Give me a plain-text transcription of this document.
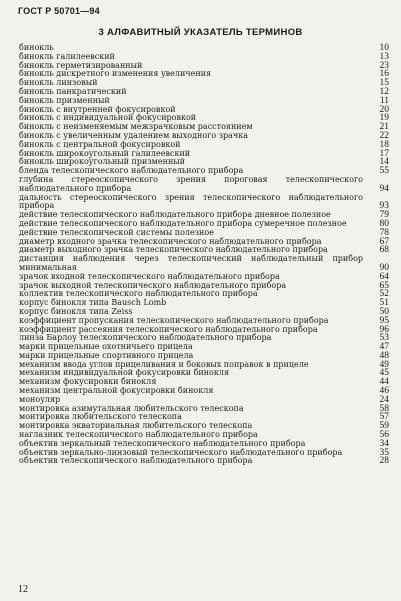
ГОСТ Р 50701—94
3 АЛФАВИТНЫЙ УКАЗАТЕЛЬ ТЕРМИНОВ
бинокль	10
бинокль галилеевский	13
бинокль герметизированный	23
бинокль дискретного изменения увеличения	16
бинокль линзовый	15
бинокль панкратический	12
бинокль призменный	11
бинокль с внутренней фокусировкой	20
бинокль с индивидуальной фокусировкой	19
бинокль с неизменяемым межзрачковым расстоянием	21
бинокль с увеличенным удалением выходного зрачка	22
бинокль с центральной фокусировкой	18
бинокль широкоугольный галилеевский	17
бинокль широкоугольный призменный	14
бленда телескопического наблюдательного прибора	55
глубина стереоскопического зрения пороговая телескопического наблюдательного прибора	94
дальность стереоскопического зрения телескопического наблюдательного прибора	93
действие телескопического наблюдательного прибора дневное полезное	79
действие телескопического наблюдательного прибора сумеречное полезное	80
действие телескопической системы полезное	78
диаметр входного зрачка телескопического наблюдательного прибора	67
диаметр выходного зрачка телескопического наблюдательного прибора	68
дистанция наблюдения через телескопический наблюдательный прибор минимальная	90
зрачок входной телескопического наблюдательного прибора	64
зрачок выходной телескопического наблюдательного прибора	65
коллектив телескопического наблюдательного прибора	52
корпус бинокля типа Bausch Lomb	51
корпус бинокля типа Zeiss	50
коэффициент пропускания телескопического наблюдательного прибора	95
коэффициент рассеяния телескопического наблюдательного прибора	96
линза Барлоу телескопического наблюдательного прибора	53
марки прицельные охотничьего прицела	47
марки прицельные спортивного прицела	48
механизм ввода углов прицеливания и боковых поправок в прицеле	49
механизм индивидуальной фокусировки бинокля	45
механизм фокусировки бинокля	44
механизм центральной фокусировки бинокля	46
моноуляр	24
монтировка азимутальная любительского телескопа	58
монтировка любительского телескопа	57
монтировка экваториальная любительского телескопа	59
наглазник телескопического наблюдательного прибора	56
объектив зеркальный телескопического наблюдательного прибора	34
объектив зеркально-линзовый телескопического наблюдательного прибора	35
объектив телескопического наблюдательного прибора	28
12
